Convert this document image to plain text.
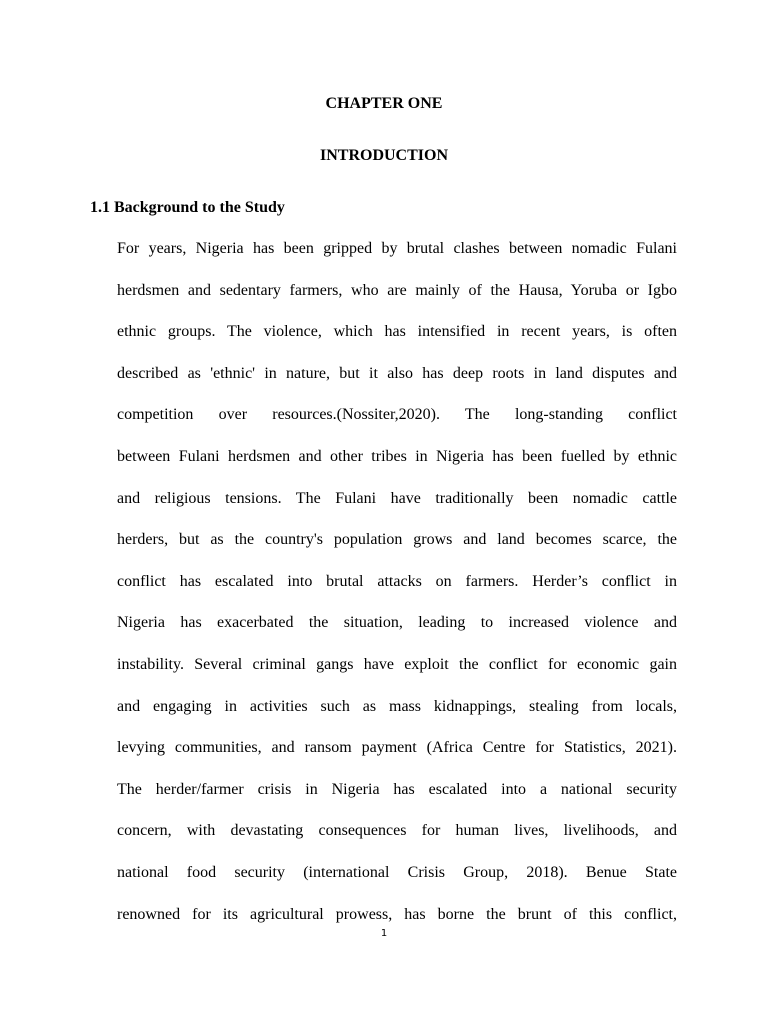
CHAPTER ONE
INTRODUCTION
1.1 Background to the Study
For years, Nigeria has been gripped by brutal clashes between nomadic Fulani
herdsmen and sedentary farmers, who are mainly of the Hausa, Yoruba or Igbo
ethnic groups. The violence, which has intensified in recent years, is often
described as 'ethnic' in nature, but it also has deep roots in land disputes and
competition over resources.(Nossiter,2020). The long-standing conflict
between Fulani herdsmen and other tribes in Nigeria has been fuelled by ethnic
and religious tensions. The Fulani have traditionally been nomadic cattle
herders, but as the country's population grows and land becomes scarce, the
conflict has escalated into brutal attacks on farmers. Herder’s conflict in
Nigeria has exacerbated the situation, leading to increased violence and
instability. Several criminal gangs have exploit the conflict for economic gain
and engaging in activities such as mass kidnappings, stealing from locals,
levying communities, and ransom payment (Africa Centre for Statistics, 2021).
The herder/farmer crisis in Nigeria has escalated into a national security
concern, with devastating consequences for human lives, livelihoods, and
national food security (international Crisis Group, 2018). Benue State
renowned for its agricultural prowess, has borne the brunt of this conflict,
1
